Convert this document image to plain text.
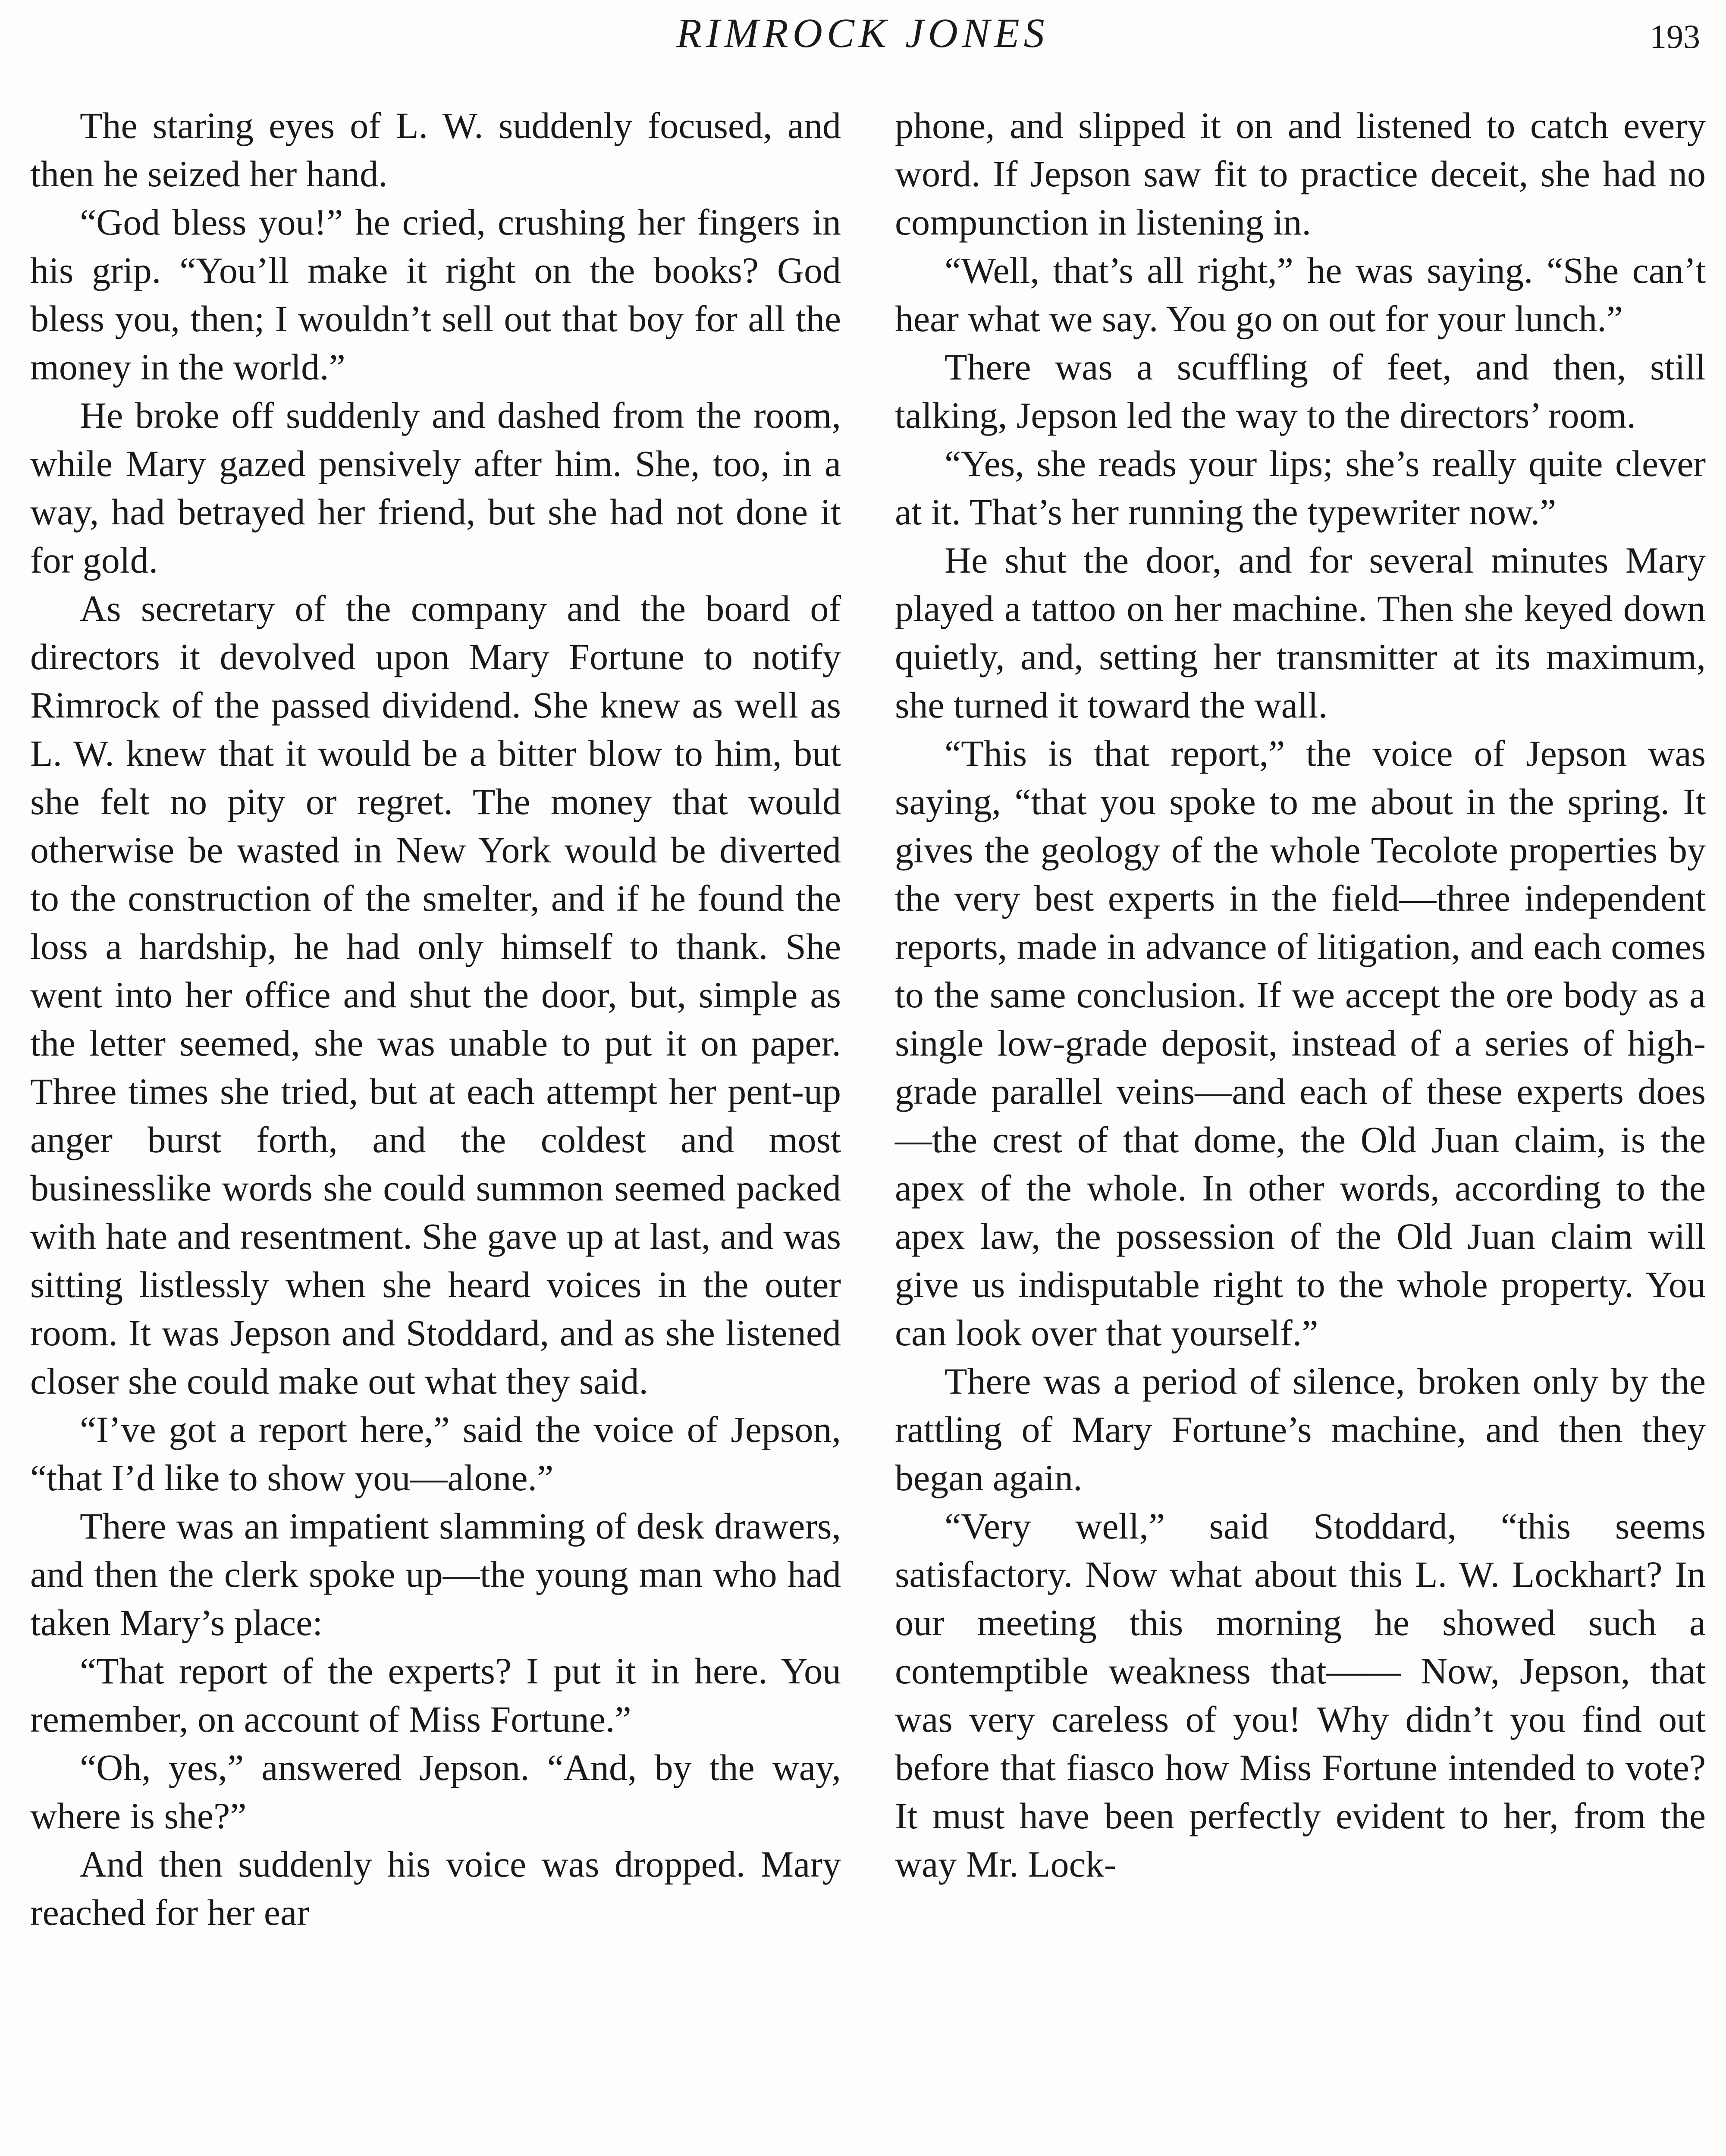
RIMROCK JONES	193

The staring eyes of L. W. suddenly focused, and then he seized her hand.

“God bless you!” he cried, crushing her fingers in his grip. “You’ll make it right on the books? God bless you, then; I wouldn’t sell out that boy for all the money in the world.”

He broke off suddenly and dashed from the room, while Mary gazed pensively after him. She, too, in a way, had betrayed her friend, but she had not done it for gold.

As secretary of the company and the board of directors it devolved upon Mary Fortune to notify Rimrock of the passed dividend. She knew as well as L. W. knew that it would be a bitter blow to him, but she felt no pity or regret. The money that would otherwise be wasted in New York would be diverted to the construction of the smelter, and if he found the loss a hardship, he had only himself to thank. She went into her office and shut the door, but, simple as the letter seemed, she was unable to put it on paper. Three times she tried, but at each attempt her pent-up anger burst forth, and the coldest and most businesslike words she could summon seemed packed with hate and resentment. She gave up at last, and was sitting listlessly when she heard voices in the outer room. It was Jepson and Stoddard, and as she listened closer she could make out what they said.

“I’ve got a report here,” said the voice of Jepson, “that I’d like to show you—alone.”

There was an impatient slamming of desk drawers, and then the clerk spoke up—the young man who had taken Mary’s place:

“That report of the experts? I put it in here. You remember, on account of Miss Fortune.”

“Oh, yes,” answered Jepson. “And, by the way, where is she?”

And then suddenly his voice was dropped. Mary reached for her ear

phone, and slipped it on and listened to catch every word. If Jepson saw fit to practice deceit, she had no compunction in listening in.

“Well, that’s all right,” he was saying. “She can’t hear what we say. You go on out for your lunch.”

There was a scuffling of feet, and then, still talking, Jepson led the way to the directors’ room.

“Yes, she reads your lips; she’s really quite clever at it. That’s her running the typewriter now.”

He shut the door, and for several minutes Mary played a tattoo on her machine. Then she keyed down quietly, and, setting her transmitter at its maximum, she turned it toward the wall.

“This is that report,” the voice of Jepson was saying, “that you spoke to me about in the spring. It gives the geology of the whole Tecolote properties by the very best experts in the field—three independent reports, made in advance of litigation, and each comes to the same conclusion. If we accept the ore body as a single low-grade deposit, instead of a series of high-grade parallel veins—and each of these experts does—the crest of that dome, the Old Juan claim, is the apex of the whole. In other words, according to the apex law, the possession of the Old Juan claim will give us indisputable right to the whole property. You can look over that yourself.”

There was a period of silence, broken only by the rattling of Mary Fortune’s machine, and then they began again.

“Very well,” said Stoddard, “this seems satisfactory. Now what about this L. W. Lockhart? In our meeting this morning he showed such a contemptible weakness that—— Now, Jepson, that was very careless of you! Why didn’t you find out before that fiasco how Miss Fortune intended to vote? It must have been perfectly evident to her, from the way Mr. Lock-
